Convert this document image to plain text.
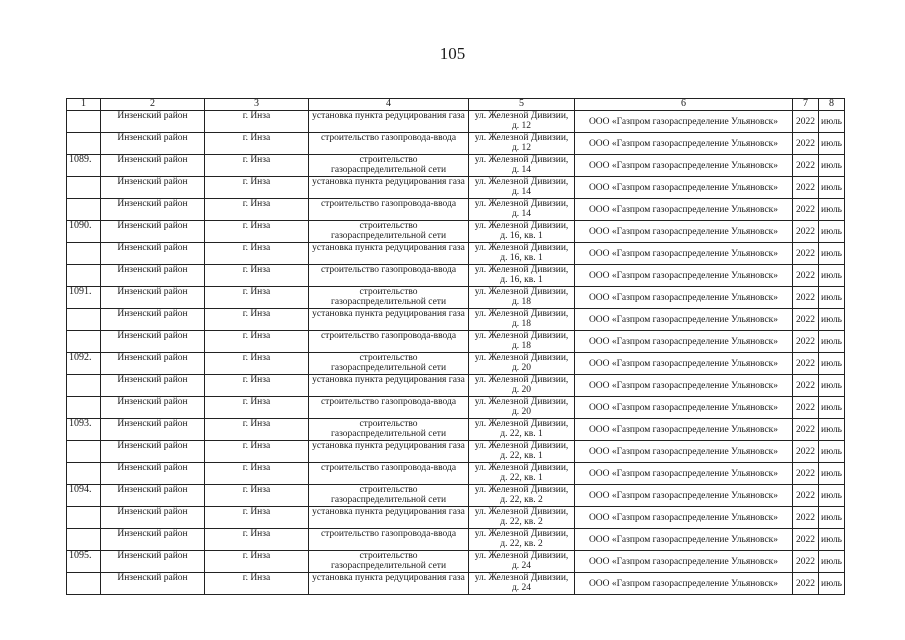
105
1	2	3	4	5	6	7	8
	Инзенский район	г. Инза	установка пункта редуцирования газа	ул. Железной Дивизии, д. 12	ООО «Газпром газораспределение Ульяновск»	2022	июль
	Инзенский район	г. Инза	строительство газопровода-ввода	ул. Железной Дивизии, д. 12	ООО «Газпром газораспределение Ульяновск»	2022	июль
1089.	Инзенский район	г. Инза	строительство газораспределительной сети	ул. Железной Дивизии, д. 14	ООО «Газпром газораспределение Ульяновск»	2022	июль
	Инзенский район	г. Инза	установка пункта редуцирования газа	ул. Железной Дивизии, д. 14	ООО «Газпром газораспределение Ульяновск»	2022	июль
	Инзенский район	г. Инза	строительство газопровода-ввода	ул. Железной Дивизии, д. 14	ООО «Газпром газораспределение Ульяновск»	2022	июль
1090.	Инзенский район	г. Инза	строительство газораспределительной сети	ул. Железной Дивизии, д. 16, кв. 1	ООО «Газпром газораспределение Ульяновск»	2022	июль
	Инзенский район	г. Инза	установка пункта редуцирования газа	ул. Железной Дивизии, д. 16, кв. 1	ООО «Газпром газораспределение Ульяновск»	2022	июль
	Инзенский район	г. Инза	строительство газопровода-ввода	ул. Железной Дивизии, д. 16, кв. 1	ООО «Газпром газораспределение Ульяновск»	2022	июль
1091.	Инзенский район	г. Инза	строительство газораспределительной сети	ул. Железной Дивизии, д. 18	ООО «Газпром газораспределение Ульяновск»	2022	июль
	Инзенский район	г. Инза	установка пункта редуцирования газа	ул. Железной Дивизии, д. 18	ООО «Газпром газораспределение Ульяновск»	2022	июль
	Инзенский район	г. Инза	строительство газопровода-ввода	ул. Железной Дивизии, д. 18	ООО «Газпром газораспределение Ульяновск»	2022	июль
1092.	Инзенский район	г. Инза	строительство газораспределительной сети	ул. Железной Дивизии, д. 20	ООО «Газпром газораспределение Ульяновск»	2022	июль
	Инзенский район	г. Инза	установка пункта редуцирования газа	ул. Железной Дивизии, д. 20	ООО «Газпром газораспределение Ульяновск»	2022	июль
	Инзенский район	г. Инза	строительство газопровода-ввода	ул. Железной Дивизии, д. 20	ООО «Газпром газораспределение Ульяновск»	2022	июль
1093.	Инзенский район	г. Инза	строительство газораспределительной сети	ул. Железной Дивизии, д. 22, кв. 1	ООО «Газпром газораспределение Ульяновск»	2022	июль
	Инзенский район	г. Инза	установка пункта редуцирования газа	ул. Железной Дивизии, д. 22, кв. 1	ООО «Газпром газораспределение Ульяновск»	2022	июль
	Инзенский район	г. Инза	строительство газопровода-ввода	ул. Железной Дивизии, д. 22, кв. 1	ООО «Газпром газораспределение Ульяновск»	2022	июль
1094.	Инзенский район	г. Инза	строительство газораспределительной сети	ул. Железной Дивизии, д. 22, кв. 2	ООО «Газпром газораспределение Ульяновск»	2022	июль
	Инзенский район	г. Инза	установка пункта редуцирования газа	ул. Железной Дивизии, д. 22, кв. 2	ООО «Газпром газораспределение Ульяновск»	2022	июль
	Инзенский район	г. Инза	строительство газопровода-ввода	ул. Железной Дивизии, д. 22, кв. 2	ООО «Газпром газораспределение Ульяновск»	2022	июль
1095.	Инзенский район	г. Инза	строительство газораспределительной сети	ул. Железной Дивизии, д. 24	ООО «Газпром газораспределение Ульяновск»	2022	июль
	Инзенский район	г. Инза	установка пункта редуцирования газа	ул. Железной Дивизии, д. 24	ООО «Газпром газораспределение Ульяновск»	2022	июль
